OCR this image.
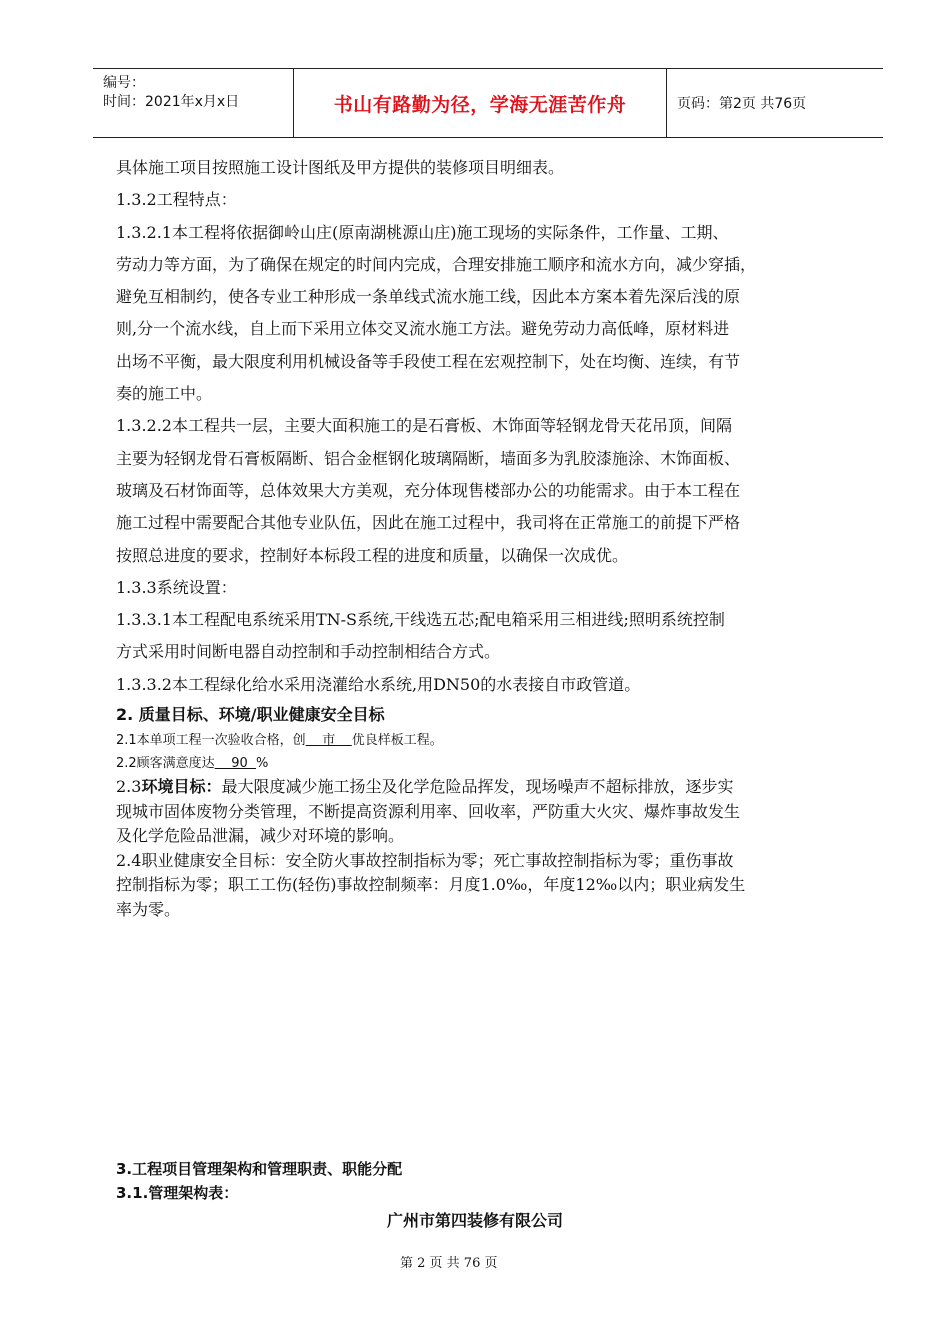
编号：
时间：2021年x月x日	书山有路勤为径，学海无涯苦作舟	页码：第2页 共76页

具体施工项目按照施工设计图纸及甲方提供的装修项目明细表。

1.3.2工程特点：

1.3.2.1本工程将依据御岭山庄(原南湖桃源山庄)施工现场的实际条件，工作量、工期、

劳动力等方面，为了确保在规定的时间内完成，合理安排施工顺序和流水方向，减少穿插，

避免互相制约，使各专业工种形成一条单线式流水施工线，因此本方案本着先深后浅的原

则,分一个流水线，自上而下采用立体交叉流水施工方法。避免劳动力高低峰，原材料进

出场不平衡，最大限度利用机械设备等手段使工程在宏观控制下，处在均衡、连续，有节

奏的施工中。

1.3.2.2本工程共一层，主要大面积施工的是石膏板、木饰面等轻钢龙骨天花吊顶，间隔

主要为轻钢龙骨石膏板隔断、铝合金框钢化玻璃隔断，墙面多为乳胶漆施涂、木饰面板、

玻璃及石材饰面等，总体效果大方美观，充分体现售楼部办公的功能需求。由于本工程在

施工过程中需要配合其他专业队伍，因此在施工过程中，我司将在正常施工的前提下严格

按照总进度的要求，控制好本标段工程的进度和质量，以确保一次成优。

1.3.3系统设置：

1.3.3.1本工程配电系统采用TN-S系统,干线选五芯;配电箱采用三相进线;照明系统控制

方式采用时间断电器自动控制和手动控制相结合方式。

1.3.3.2本工程绿化给水采用浇灌给水系统,用DN50的水表接自市政管道。

2. 质量目标、环境/职业健康安全目标

2.1本单项工程一次验收合格，创    市    优良样板工程。

2.2顾客满意度达    90  %

2.3环境目标：最大限度减少施工扬尘及化学危险品挥发，现场噪声不超标排放，逐步实

现城市固体废物分类管理，不断提高资源利用率、回收率，严防重大火灾、爆炸事故发生

及化学危险品泄漏，减少对环境的影响。

2.4职业健康安全目标：安全防火事故控制指标为零；死亡事故控制指标为零；重伤事故

控制指标为零；职工工伤(轻伤)事故控制频率：月度1.0‰，年度12‰以内；职业病发生

率为零。

3.工程项目管理架构和管理职责、职能分配

3.1.管理架构表：

广州市第四装修有限公司
第 2 页 共 76 页
